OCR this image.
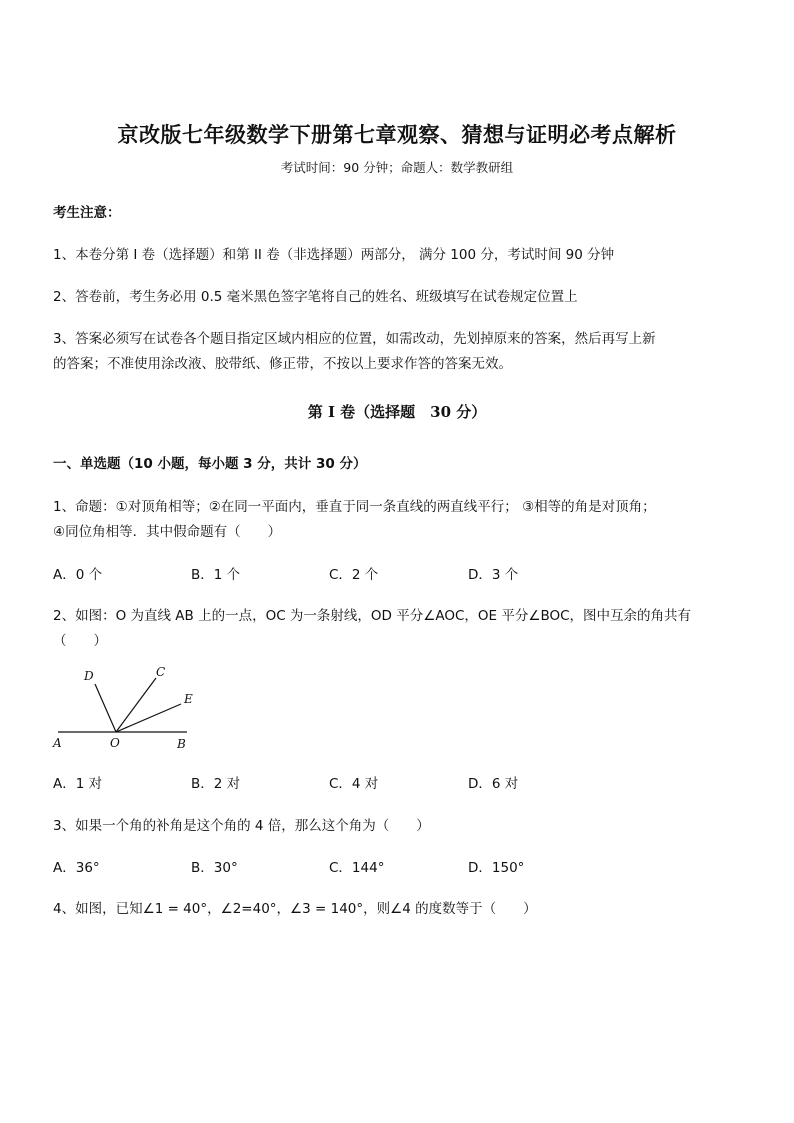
京改版七年级数学下册第七章观察、猜想与证明必考点解析
考试时间：90 分钟；命题人：数学教研组
考生注意：
1、本卷分第 I 卷（选择题）和第 II 卷（非选择题）两部分， 满分 100 分，考试时间 90 分钟
2、答卷前，考生务必用 0.5 毫米黑色签字笔将自己的姓名、班级填写在试卷规定位置上
3、答案必须写在试卷各个题目指定区域内相应的位置，如需改动，先划掉原来的答案，然后再写上新
的答案；不准使用涂改液、胶带纸、修正带，不按以上要求作答的答案无效。
第 I 卷（选择题　30 分）
一、单选题（10 小题，每小题 3 分，共计 30 分）
1、命题：①对顶角相等；②在同一平面内，垂直于同一条直线的两直线平行； ③相等的角是对顶角；
④同位角相等．其中假命题有（　　）
A．0 个	B．1 个	C．2 个	D．3 个
2、如图：O 为直线 AB 上的一点，OC 为一条射线，OD 平分∠AOC，OE 平分∠BOC，图中互余的角共有
（　　）
D	C
E
A	O	B
A．1 对	B．2 对	C．4 对	D．6 对
3、如果一个角的补角是这个角的 4 倍，那么这个角为（　　）
A．36°	B．30°	C．144°	D．150°
4、如图，已知∠1 = 40°，∠2=40°，∠3 = 140°，则∠4 的度数等于（　　）
